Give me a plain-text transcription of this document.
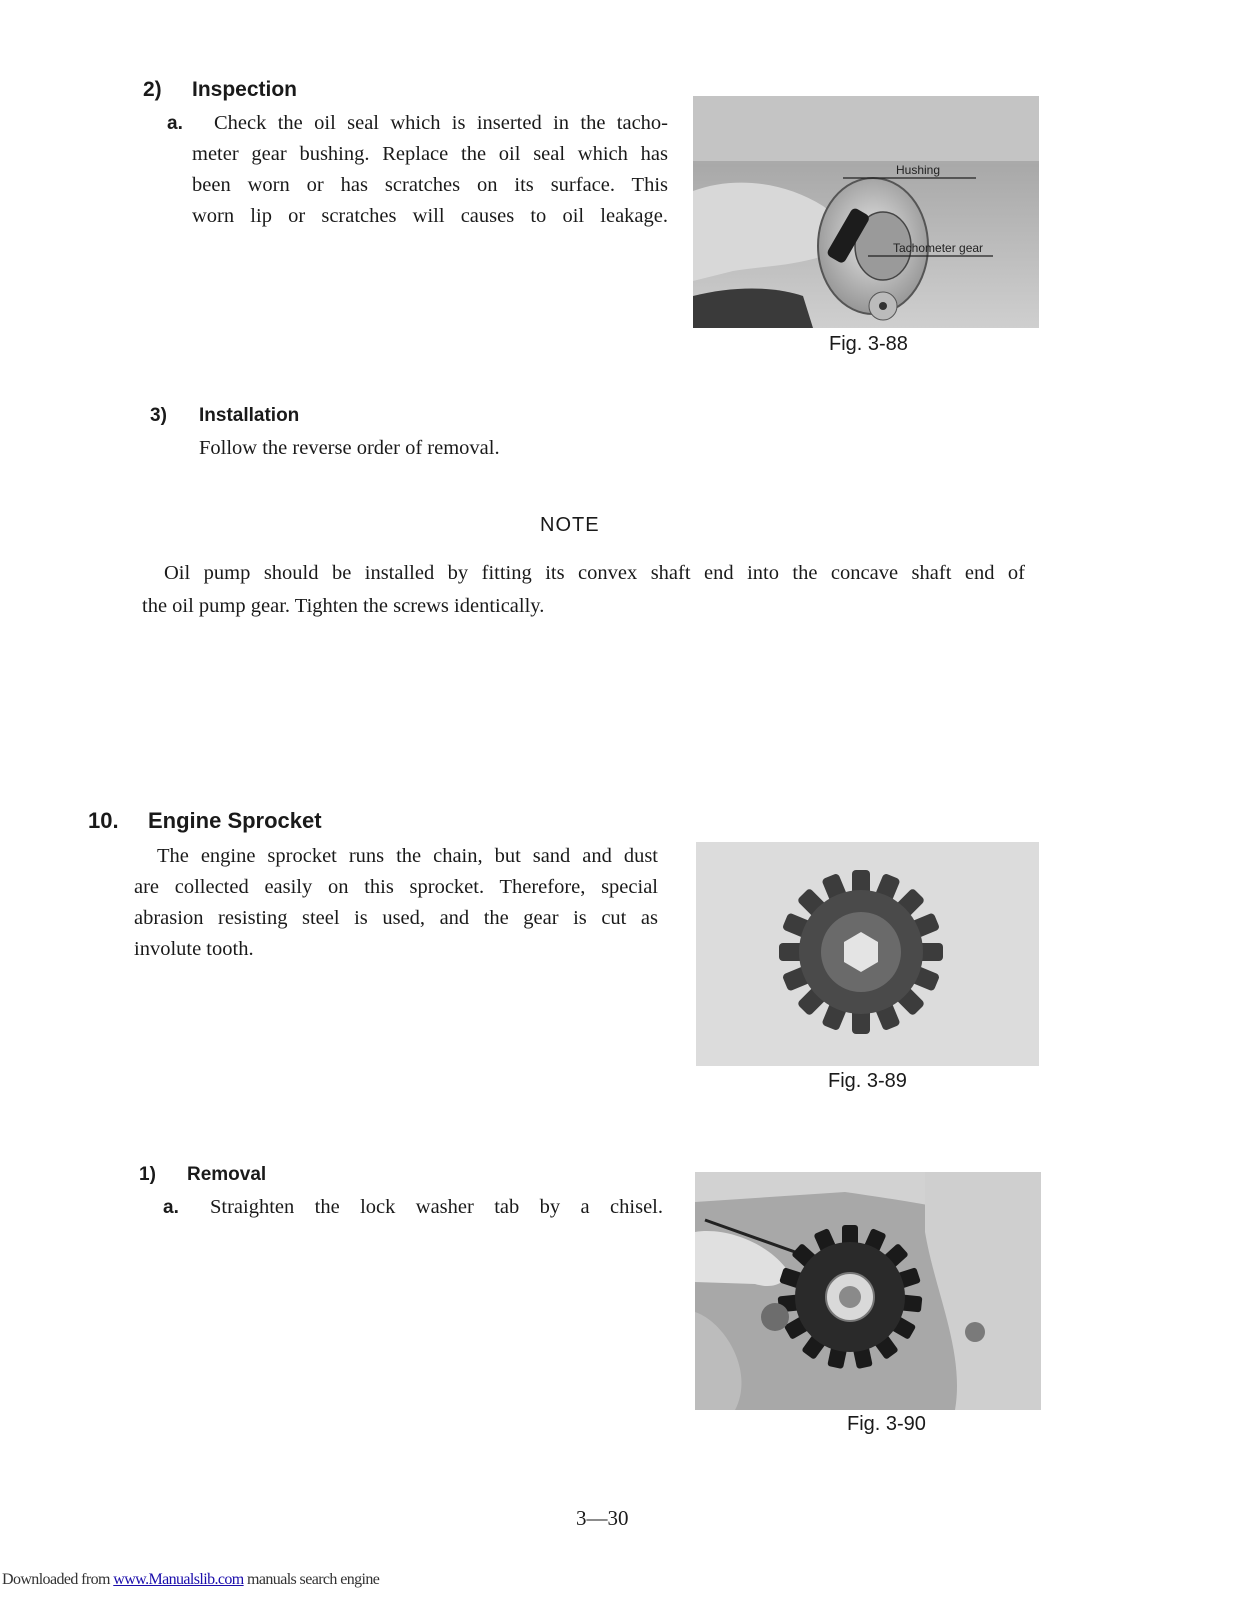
2) Inspection
a.	Check the oil seal which is inserted in the tacho-
meter gear bushing. Replace the oil seal which has
been worn or has scratches on its surface. This
worn lip or scratches will causes to oil leakage.
Hushing
Tachometer gear
Fig. 3-88
3) Installation
Follow the reverse order of removal.
NOTE
Oil pump should be installed by fitting its convex shaft end into the concave shaft end of
the oil pump gear. Tighten the screws identically.
10. Engine Sprocket
The engine sprocket runs the chain, but sand and dust
are collected easily on this sprocket. Therefore, special
abrasion resisting steel is used, and the gear is cut as
involute tooth.
Fig. 3-89
1) Removal
a. Straighten the lock washer tab by a chisel.
Fig. 3-90
3—30
Downloaded from www.Manualslib.com manuals search engine
